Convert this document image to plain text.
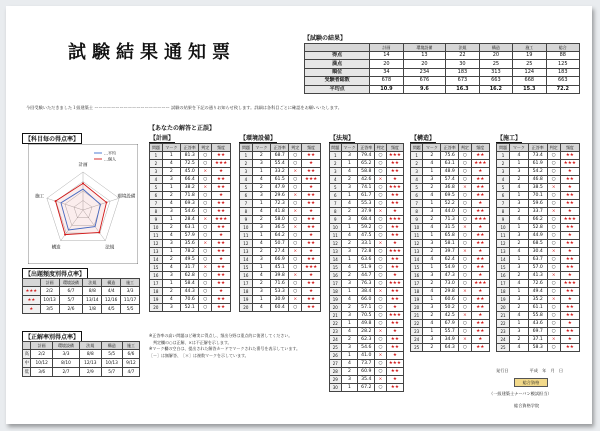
試験結果通知票
【試験の結果】
	計画	環境設備	法規	構造	施工	総合
得点	14	13	22	20	19	88
満点	20	20	30	25	25	125
順位	34	234	183	313	124	183
受験者総数	678	676	673	663	668	663
平均点	10.9	9.6	16.3	16.2	15.3	72.2
今回受験いただきました１級建築士 ーーーーーーーーーーーーーーーーーー 試験の結果を下記の通りお知らせ致します。詳細は各科目ごとに確認をお願いいたします。
【科目毎の得点率】
計画
環境設備
法規
構造
施工
…平均
…個人
【出題頻度別得点率】
	計画	環境設備	法規	構造	施工
★★★	2/2	6/7	8/8	4/4	3/3
★★	10/13	5/7	13/14	12/16	11/17
★	3/5	2/6	1/8	4/5	5/5
【正解率別得点率】
	計画	環境設備	法規	構造	施工
高	2/2	3/3	8/8	5/5	6/6
中	10/12	8/10	12/13	10/13	9/12
低	3/6	2/7	2/9	5/7	4/7
【あなたの解答と正誤】
【計画】
問題	マーク	正答率	判定	頻度
1	1	81.3	○	★★
2	4	72.5	○	★★★
3	2	45.0	×	★
4	3	66.4	○	★★
5	1	38.2	×	★★
6	2	71.8	○	★
7	4	69.3	○	★★
8	3	54.6	○	★★
9	1	28.4	×	★★★
10	2	63.1	○	★★
11	4	57.9	○	★
12	3	35.6	×	★★
13	1	78.2	○	★★
14	2	49.5	○	★
15	4	31.7	×	★★
16	3	62.8	○	★★
17	1	58.4	○	★★
18	2	44.3	○	★
19	4	70.6	○	★★
20	3	52.1	○	★★
【環境設備】
問題	マーク	正答率	判定	頻度
1	2	68.7	○	★★
2	3	55.4	○	★
3	1	33.2	×	★★
4	4	61.5	○	★★★
5	2	47.9	○	★
6	3	29.6	×	★★
7	1	72.3	○	★★
8	4	41.8	×	★
9	2	58.0	○	★★
10	3	36.5	×	★★
11	1	64.2	○	★
12	4	50.7	○	★★
13	2	27.4	×	★
14	3	66.9	○	★★
15	1	45.1	○	★★★
16	4	39.8	×	★
17	2	71.6	○	★★
18	3	53.3	○	★
19	1	30.9	×	★★
20	4	60.4	○	★★
【法規】
問題	マーク	正答率	判定	頻度
1	3	79.4	○	★★★
2	1	65.2	○	★★
3	4	58.8	○	★★
4	2	42.6	×	★
5	3	74.1	○	★★★
6	1	61.7	○	★★
7	4	55.3	○	★★
8	2	37.9	×	★
9	3	68.4	○	★★★
10	1	59.2	○	★★
11	4	47.5	○	★★
12	2	33.1	×	★
13	3	72.8	○	★★★
14	1	63.6	○	★★
15	4	51.9	○	★★
16	2	44.7	○	★
17	3	76.3	○	★★★
18	1	38.4	×	★★
19	4	66.0	○	★★
20	2	57.1	○	★
21	3	70.5	○	★★★
22	1	49.8	○	★★
23	4	28.2	×	★
24	2	62.3	○	★★
25	3	54.6	○	★★
26	1	41.0	×	★
27	4	73.7	○	★★★
28	2	60.9	○	★★
29	3	35.4	×	★
30	1	67.2	○	★★
【構造】
問題	マーク	正答率	判定	頻度
1	2	75.6	○	★★
2	4	63.1	○	★★★
3	1	48.9	○	★
4	3	57.4	○	★★
5	2	36.8	×	★★
6	4	69.5	○	★★
7	1	52.2	○	★
8	3	44.0	○	★★
9	2	71.3	○	★★★
10	4	31.5	×	★
11	1	65.8	○	★★
12	3	58.1	○	★★
13	2	39.7	×	★
14	4	62.4	○	★★
15	1	54.9	○	★★
16	3	47.3	○	★
17	2	73.0	○	★★★
18	4	29.8	×	★
19	1	60.6	○	★★
20	3	50.2	○	★★
21	2	42.5	×	★
22	4	67.9	○	★★
23	1	55.7	○	★★
24	3	34.9	×	★
25	2	64.3	○	★★
【施工】
問題	マーク	正答率	判定	頻度
1	4	73.4	○	★★
2	1	61.9	○	★★★
3	3	54.2	○	★
4	2	46.8	○	★★
5	4	38.5	×	★
6	1	70.1	○	★★
7	3	59.6	○	★★
8	2	33.7	×	★
9	4	66.2	○	★★★
10	1	52.8	○	★★
11	3	44.9	○	★
12	2	68.5	○	★★
13	4	30.4	×	★
14	1	63.7	○	★★
15	3	57.0	○	★★
16	2	41.3	×	★
17	4	72.6	○	★★★
18	1	49.4	○	★★
19	3	35.2	×	★
20	2	61.1	○	★★
21	4	55.8	○	★★
22	1	43.6	○	★
23	3	69.7	○	★★
24	2	37.1	×	★
25	4	58.3	○	★★
※正答率の高い問題ほど確実に得点し、頻出分野は重点的に復習してください。
　判定欄の○は正解、×は不正解を示します。
※マーク欄の空白は、提出された解答カードでマークされた番号を表示しています。
［ー］は無解答、［＊］は複数マークを示しています。
発行日　　　　　平成　年　月　日
総合資格
（一級建築士ナーバン模試担当）
総合資格学院
